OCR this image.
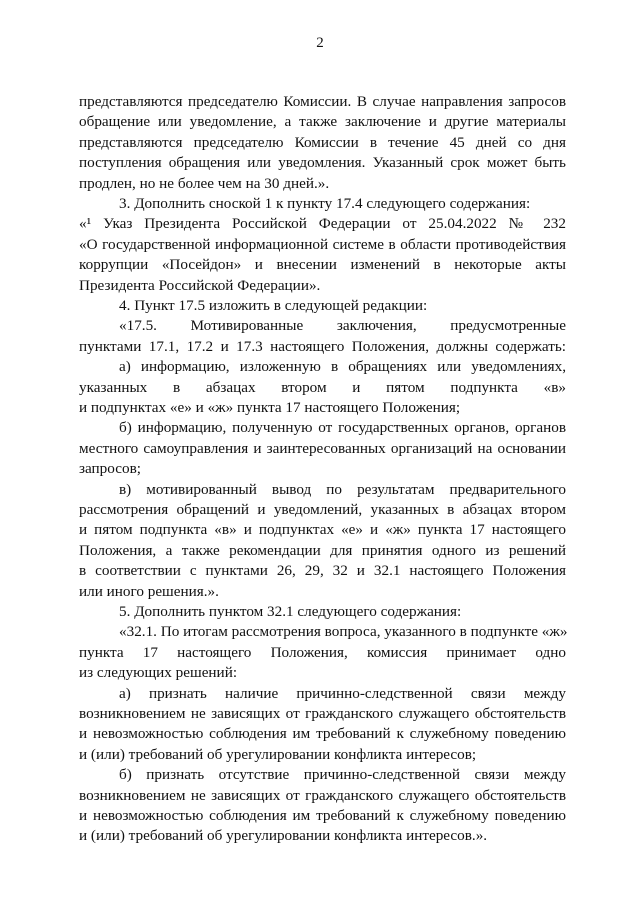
2
представляются председателю Комиссии. В случае направления запросов
обращение или уведомление, а также заключение и другие материалы
представляются председателю Комиссии в течение 45 дней со дня
поступления обращения или уведомления. Указанный срок может быть
продлен, но не более чем на 30 дней.».
3. Дополнить сноской 1 к пункту 17.4 следующего содержания:
«¹ Указ Президента Российской Федерации от 25.04.2022 № 232
«О государственной информационной системе в области противодействия
коррупции «Посейдон» и внесении изменений в некоторые акты
Президента Российской Федерации».
4. Пункт 17.5 изложить в следующей редакции:
«17.5. Мотивированные заключения, предусмотренные
пунктами 17.1, 17.2 и 17.3 настоящего Положения, должны содержать:
а) информацию, изложенную в обращениях или уведомлениях,
указанных в абзацах втором и пятом подпункта «в»
и подпунктах «е» и «ж» пункта 17 настоящего Положения;
б) информацию, полученную от государственных органов, органов
местного самоуправления и заинтересованных организаций на основании
запросов;
в) мотивированный вывод по результатам предварительного
рассмотрения обращений и уведомлений, указанных в абзацах втором
и пятом подпункта «в» и подпунктах «е» и «ж» пункта 17 настоящего
Положения, а также рекомендации для принятия одного из решений
в соответствии с пунктами 26, 29, 32 и 32.1 настоящего Положения
или иного решения.».
5. Дополнить пунктом 32.1 следующего содержания:
«32.1. По итогам рассмотрения вопроса, указанного в подпункте «ж»
пункта 17 настоящего Положения, комиссия принимает одно
из следующих решений:
а) признать наличие причинно-следственной связи между
возникновением не зависящих от гражданского служащего обстоятельств
и невозможностью соблюдения им требований к служебному поведению
и (или) требований об урегулировании конфликта интересов;
б) признать отсутствие причинно-следственной связи между
возникновением не зависящих от гражданского служащего обстоятельств
и невозможностью соблюдения им требований к служебному поведению
и (или) требований об урегулировании конфликта интересов.».
